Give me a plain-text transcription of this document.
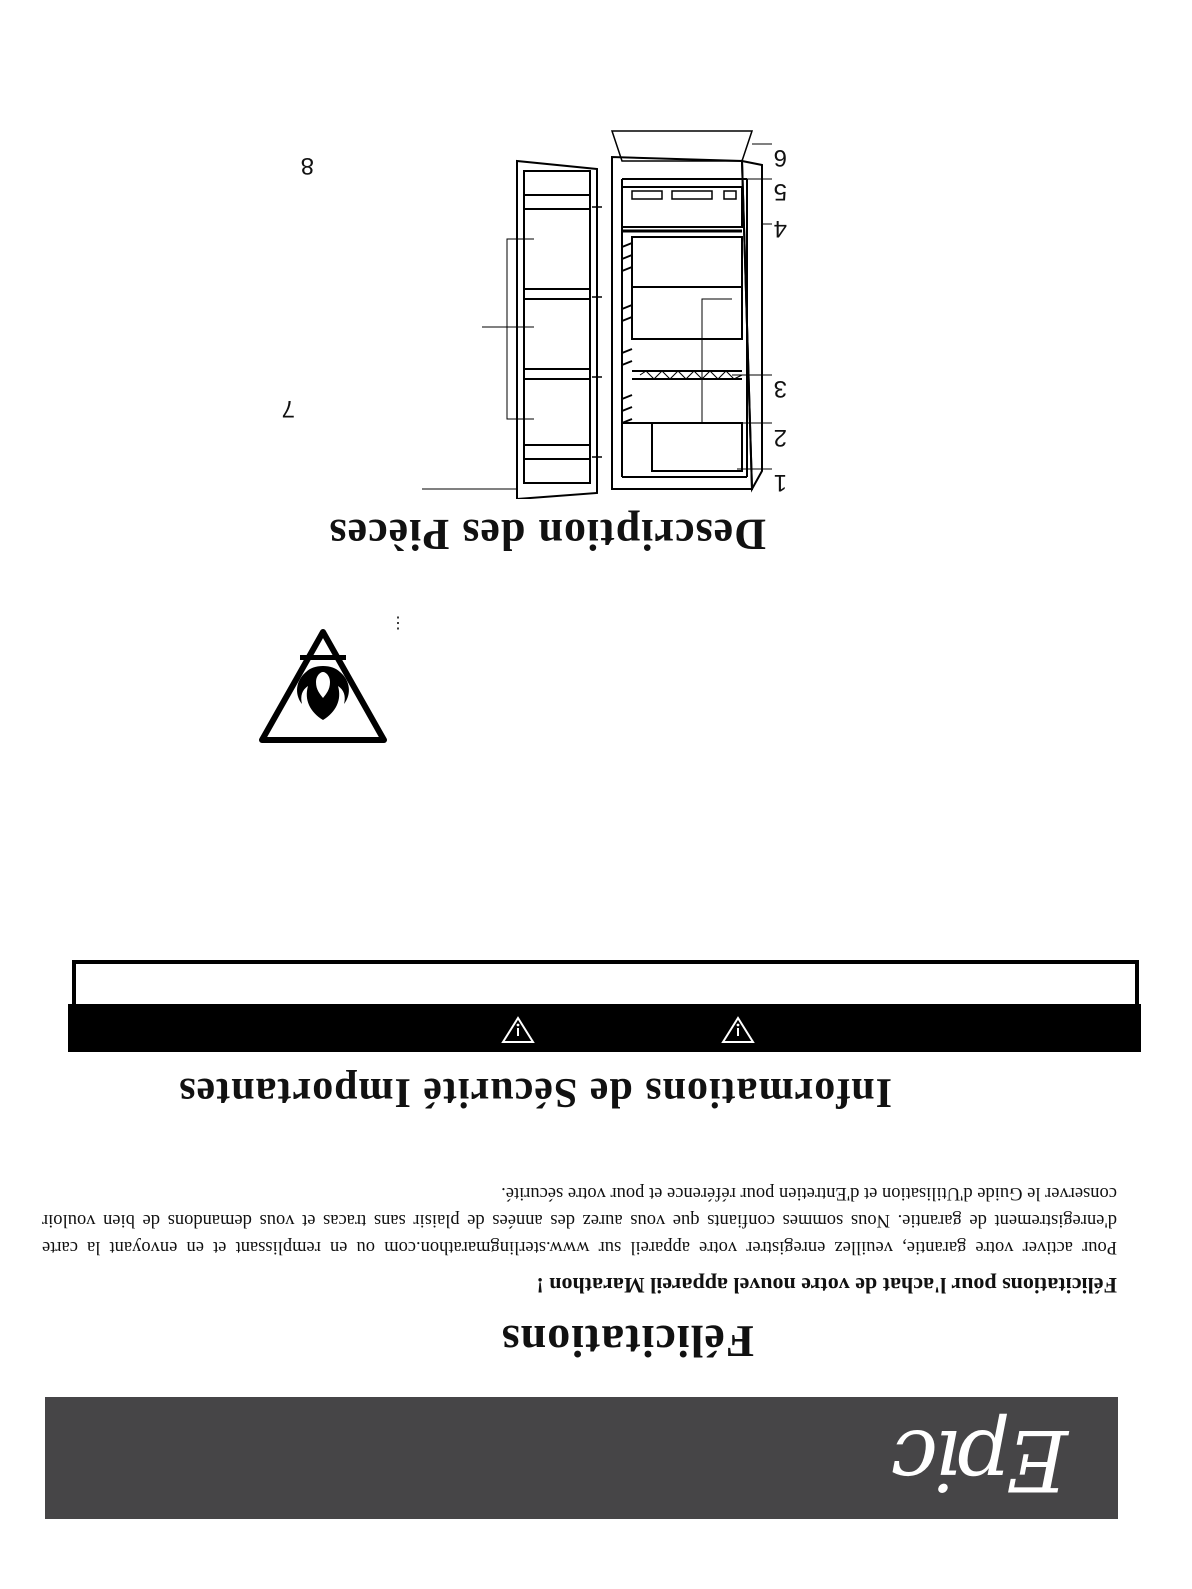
Epic
Félicitations
Félicitations pour l'achat de votre nouvel appareil Marathon !
Pour activer votre garantie, veuillez enregistrer votre appareil sur www.sterlingmarathon.com ou en remplissant et en envoyant la carte d'enregistrement de garantie. Nous sommes confiants que vous aurez des années de plaisir sans tracas et vous demandons de bien vouloir conserver le Guide d'Utilisation et d'Entretien pour référence et pour votre sécurité.
Informations de Sécurité Importantes
⋮
Description des Pièces
1
2
3
4
5
6
7
8
